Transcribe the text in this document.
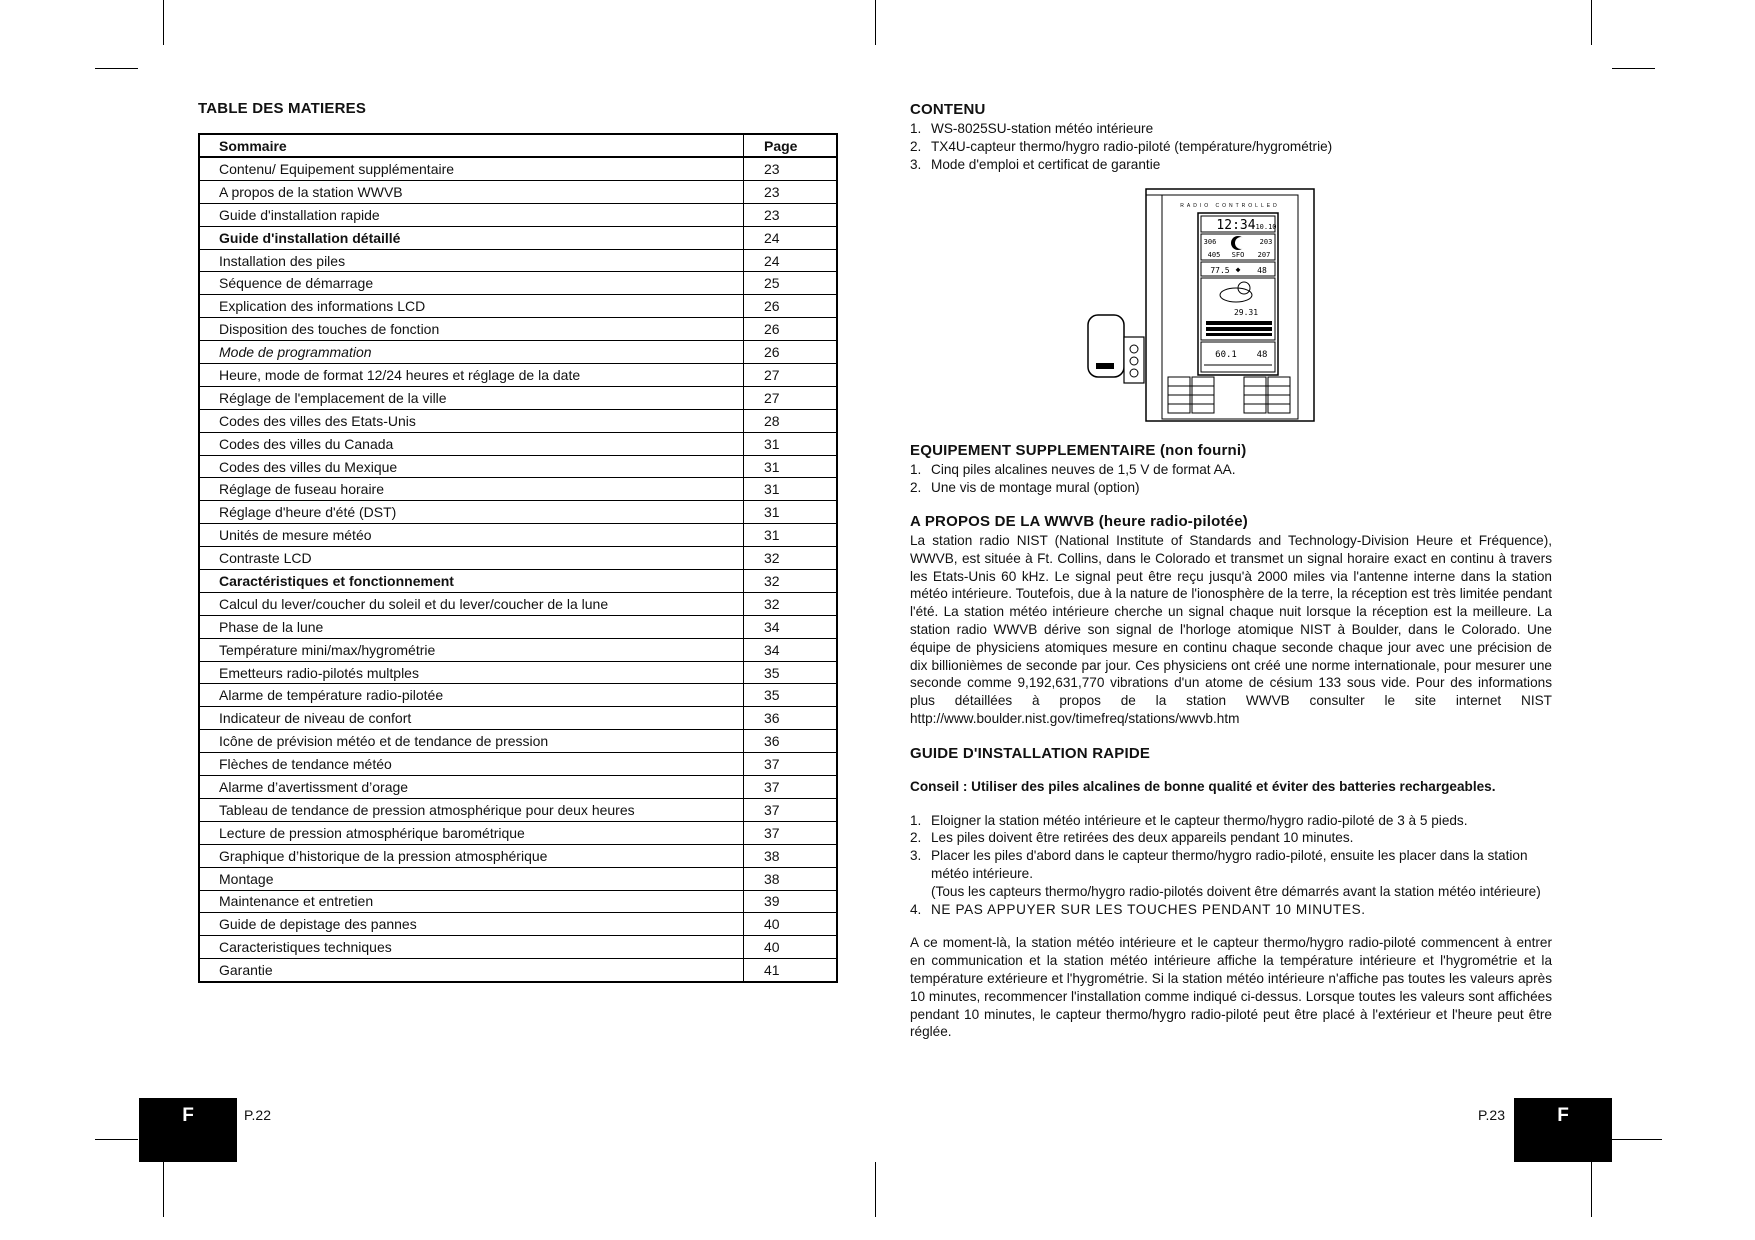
TABLE DES MATIERES
Sommaire	Page
Contenu/ Equipement supplémentaire	23
A propos de la station WWVB	23
Guide d'installation rapide	23
Guide d'installation détaillé	24
Installation des piles	24
Séquence de démarrage	25
Explication des informations LCD	26
Disposition des touches de fonction	26
Mode de programmation	26
Heure, mode de format 12/24 heures et réglage de la date	27
Réglage de l'emplacement de la ville	27
Codes des villes des Etats-Unis	28
Codes des villes du Canada	31
Codes des villes du Mexique	31
Réglage de fuseau horaire	31
Réglage d'heure d'été (DST)	31
Unités de mesure météo	31
Contraste LCD	32
Caractéristiques et fonctionnement	32
Calcul du lever/coucher du soleil et du lever/coucher de la lune	32
Phase de la lune	34
Température mini/max/hygrométrie	34
Emetteurs radio-pilotés multples	35
Alarme de température radio-pilotée	35
Indicateur de niveau de confort	36
Icône de prévision météo et de tendance de pression	36
Flèches de tendance météo	37
Alarme d’avertissment d’orage	37
Tableau de tendance de pression atmosphérique pour deux heures	37
Lecture de pression atmosphérique barométrique	37
Graphique d’historique de la pression atmosphérique	38
Montage	38
Maintenance et entretien	39
Guide de depistage des pannes	40
Caracteristiques techniques	40
Garantie	41
F	P.22
CONTENU
1. WS-8025SU-station météo intérieure
2. TX4U-capteur thermo/hygro radio-piloté (température/hygrométrie)
3. Mode d'emploi et certificat de garantie
RADIO CONTROLLED
12:34 10.10
306	203
405 SFO 207
77.5 ◆ 48
29.31
60.1 48
EQUIPEMENT SUPPLEMENTAIRE (non fourni)
1. Cinq piles alcalines neuves de 1,5 V de format AA.
2. Une vis de montage mural (option)
A PROPOS DE LA WWVB (heure radio-pilotée)

La station radio NIST (National Institute of Standards and Technology-Division Heure et Fréquence), WWVB, est située à Ft. Collins, dans le Colorado et transmet un signal horaire exact en continu à travers les Etats-Unis 60 kHz. Le signal peut être reçu jusqu'à 2000 miles via l'antenne interne dans la station météo intérieure. Toutefois, due à la nature de l'ionosphère de la terre, la réception est très limitée pendant l'été. La station météo intérieure cherche un signal chaque nuit lorsque la réception est la meilleure. La station radio WWVB dérive son signal de l'horloge atomique NIST à Boulder, dans le Colorado. Une équipe de physiciens atomiques mesure en continu chaque seconde chaque jour avec une précision de dix billionièmes de seconde par jour. Ces physiciens ont créé une norme internationale, pour mesurer une seconde comme 9,192,631,770 vibrations d'un atome de césium 133 sous vide. Pour des informations plus détaillées à propos de la station WWVB consulter le site internet NIST http://www.boulder.nist.gov/timefreq/stations/wwvb.htm

GUIDE D'INSTALLATION RAPIDE

Conseil : Utiliser des piles alcalines de bonne qualité et éviter des batteries rechargeables.

1. Eloigner la station météo intérieure et le capteur thermo/hygro radio-piloté de 3 à 5 pieds.
2. Les piles doivent être retirées des deux appareils pendant 10 minutes.
3. Placer les piles d'abord dans le capteur thermo/hygro radio-piloté, ensuite les placer dans la station météo intérieure.
(Tous les capteurs thermo/hygro radio-pilotés doivent être démarrés avant la station météo intérieure)
4. NE PAS APPUYER SUR LES TOUCHES PENDANT 10 MINUTES.

A ce moment-là, la station météo intérieure et le capteur thermo/hygro radio-piloté commencent à entrer en communication et la station météo intérieure affiche la température intérieure et l'hygrométrie et la température extérieure et l'hygrométrie. Si la station météo intérieure n'affiche pas toutes les valeurs après 10 minutes, recommencer l'installation comme indiqué ci-dessus. Lorsque toutes les valeurs sont affichées pendant 10 minutes, le capteur thermo/hygro radio-piloté peut être placé à l'extérieur et l'heure peut être réglée.

P.23	F
